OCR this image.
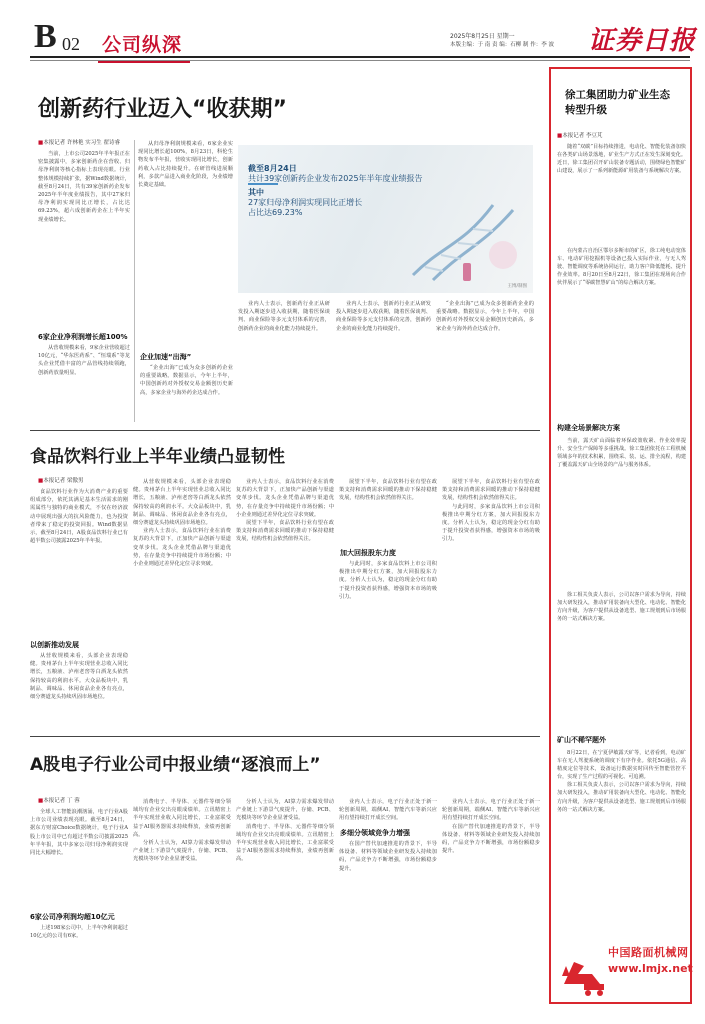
B 02 公司纵深	2025年8月25日 星期一
本版主编：于 南 责 编：石柳 制 作：李 波 证券日报
创新药行业迈入“收获期”
■本报记者 许林艳 实习生 翟诗睿

当前，上市公司2025年半年报正在密集披露中，多家创新药企在营收、归母净利润等核心指标上表现亮眼。行业整体规模持续扩张，据Wind数据统计，截至8月24日，共有39家创新药企发布2025年半年度业绩报告，其中27家归母净利润实现同比正增长，占比达69.23%，超六成创新药企在上半年实现业绩增长。

6家企业净利润增长超100%

从营收规模来看，9家企业营收超过10亿元，“华东医药系”、“恒瑞系”等龙头企业凭借丰富的产品管线持续领跑，创新药放量明显。

从归母净利润规模来看，6家企业实现同比增长超100%，8月23日，科伦生物发布半年报，营收实现同比增长，创新药收入占比持续提升。在研管线进展顺利，多款产品进入商业化阶段，为业绩增长奠定基础。

业内人士表示，创新药行业正从研发投入期逐步进入收获期，随着医保谈判、商业保险等多元支付体系的完善，创新药企业的商业化能力持续提升。

企业加速“出海”

“企业出海”已成为众多创新药企业的重要战略。数据显示，今年上半年，中国创新药对外授权交易金额创历史新高，多家企业与海外药企达成合作。

业内人士表示，创新药行业正从研发投入期逐步进入收获期，随着医保谈判、商业保险等多元支付体系的完善，创新药企业的商业化能力持续提升。

“企业出海”已成为众多创新药企业的重要战略。数据显示，今年上半年，中国创新药对外授权交易金额创历史新高，多家企业与海外药企达成合作。

截至8月24日
共计39家创新药企业发布2025年半年度业绩报告
其中
27家归母净利润实现同比正增长
占比达69.23%
王博/制图
食品饮料行业上半年业绩凸显韧性
■本报记者 梁傲男

食品饮料行业作为大消费产业的重要组成部分，依托其满足基本生活需求的刚需属性与独特的商业模式，不仅在经济波动中展现出强大的抗风险能力，也为投资者带来了稳定的投资回报。Wind数据显示，截至8月24日，A股食品饮料行业已有超半数公司披露2025年半年报。

以创新推动发展

从营收规模来看，头部企业表现稳健。贵州茅台上半年实现营业总收入同比增长，五粮液、泸州老窖等白酒龙头依然保持较高的利润水平。大众品板块中，乳制品、调味品、休闲食品企业各有亮点，细分赛道龙头持续巩固市场地位。

从营收规模来看，头部企业表现稳健。贵州茅台上半年实现营业总收入同比增长，五粮液、泸州老窖等白酒龙头依然保持较高的利润水平。大众品板块中，乳制品、调味品、休闲食品企业各有亮点，细分赛道龙头持续巩固市场地位。

业内人士表示，食品饮料行业在消费复苏的大背景下，正加快产品创新与渠道变革步伐。龙头企业凭借品牌与渠道优势，在存量竞争中持续提升市场份额；中小企业则通过差异化定位寻求突破。

业内人士表示，食品饮料行业在消费复苏的大背景下，正加快产品创新与渠道变革步伐。龙头企业凭借品牌与渠道优势，在存量竞争中持续提升市场份额；中小企业则通过差异化定位寻求突破。

展望下半年，食品饮料行业有望在政策支持和消费需求回暖的推动下保持稳健发展，结构性机会依然值得关注。

加大回报股东力度

展望下半年，食品饮料行业有望在政策支持和消费需求回暖的推动下保持稳健发展，结构性机会依然值得关注。

与此同时，多家食品饮料上市公司积极推出中期分红方案，加大回报股东力度。分析人士认为，稳定的现金分红有助于提升投资者获得感，增强资本市场的吸引力。

展望下半年，食品饮料行业有望在政策支持和消费需求回暖的推动下保持稳健发展，结构性机会依然值得关注。

与此同时，多家食品饮料上市公司积极推出中期分红方案，加大回报股东力度。分析人士认为，稳定的现金分红有助于提升投资者获得感，增强资本市场的吸引力。

A股电子行业公司中报业绩“逐浪而上”
■本报记者 丁 蓉

全球人工智能浪潮汹涌，电子行业A股上市公司业绩表现亮眼。截至8月24日，据东方财富Choice数据统计，电子行业A股上市公司中已有超过半数公司披露2025年半年报，其中多家公司归母净利润实现同比大幅增长。

6家公司净利润均超10亿元

上述198家公司中，上半年净利润超过10亿元的公司有6家。

消费电子、半导体、元器件等细分领域均有企业交出亮眼成绩单。立讯精密上半年实现营业收入同比增长，工业富联受益于AI服务器需求持续释放，业绩再创新高。

分析人士认为，AI算力需求爆发带动产业链上下游景气度提升，存储、PCB、光模块等环节企业显著受益。

分析人士认为，AI算力需求爆发带动产业链上下游景气度提升，存储、PCB、光模块等环节企业显著受益。

消费电子、半导体、元器件等细分领域均有企业交出亮眼成绩单。立讯精密上半年实现营业收入同比增长，工业富联受益于AI服务器需求持续释放，业绩再创新高。

多细分领域竞争力增强

业内人士表示，电子行业正处于新一轮创新周期，端侧AI、智能汽车等新兴应用有望持续打开成长空间。

在国产替代加速推进的背景下，半导体设备、材料等领域企业研发投入持续加码，产品竞争力不断增强，市场份额稳步提升。

业内人士表示，电子行业正处于新一轮创新周期，端侧AI、智能汽车等新兴应用有望持续打开成长空间。

在国产替代加速推进的背景下，半导体设备、材料等领域企业研发投入持续加码，产品竞争力不断增强，市场份额稳步提升。

徐工集团助力矿业生态
转型升级
■本报记者 李豆芃

随着“双碳”目标持续推进，电动化、智能化装备加快在各类矿山场景落地，矿业生产方式正在发生深刻变化。近日，徐工集团召开矿山装备专题活动，围绕绿色智能矿山建设，展示了一系列新能源矿用装备与系统解决方案。

在内蒙古自治区鄂尔多斯市的矿区，徐工纯电动宽体车、电动矿用挖掘机等设备已投入实际作业，与无人驾驶、智能调度等系统协同运行，助力客户降低能耗、提升作业效率。8月20日至8月22日，徐工集团在现场向合作伙伴展示了“零碳智慧矿山”的综合解决方案。

构建全场景解决方案

当前，露天矿山面临着环保政策收紧、作业效率提升、安全生产保障等多重挑战。徐工集团依托在工程机械领域多年的技术积累，围绕采、装、运、排全流程，构建了覆盖露天矿山全场景的产品与服务体系。

徐工相关负责人表示，公司以客户需求为导向，持续加大研发投入，推动矿用装备向大型化、电动化、智能化方向升级，为客户提供从设备选型、施工规划到后市场服务的一站式解决方案。

矿山不稀罕题外

8月22日，在宁夏伊敏露天矿等，记者看到，电动矿车在无人驾驶系统的调度下有序作业。依托5G通信、高精度定位等技术，设备运行数据实时回传至智能管控平台，实现了生产过程的可视化、可追溯。

徐工相关负责人表示，公司以客户需求为导向，持续加大研发投入，推动矿用装备向大型化、电动化、智能化方向升级，为客户提供从设备选型、施工规划到后市场服务的一站式解决方案。

中国路面机械网
www.lmjx.net
